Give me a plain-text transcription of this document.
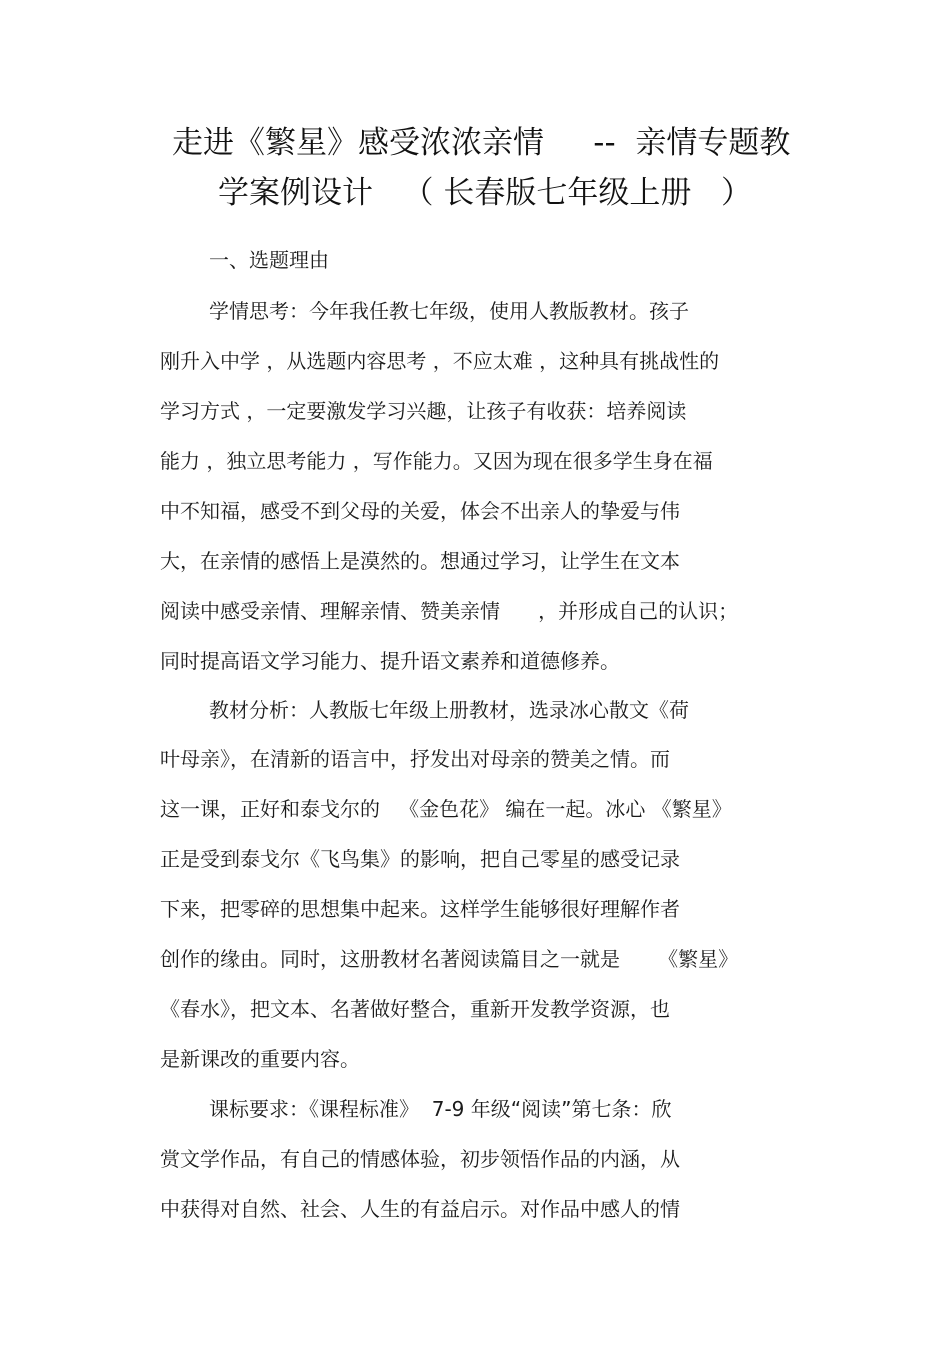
走进《繁星》感受浓浓亲情     --  亲情专题教
学案例设计   （ 长春版七年级上册   ）
一、选题理由
学情思考：今年我任教七年级，使用人教版教材。孩子
刚升入中学 ，从选题内容思考 ，不应太难 ，这种具有挑战性的
学习方式 ，一定要激发学习兴趣，让孩子有收获：培养阅读
能力 ，独立思考能力 ，写作能力。又因为现在很多学生身在福
中不知福，感受不到父母的关爱，体会不出亲人的挚爱与伟
大，在亲情的感悟上是漠然的。想通过学习，让学生在文本
阅读中感受亲情、理解亲情、赞美亲情      ，并形成自己的认识；
同时提高语文学习能力、提升语文素养和道德修养。
教材分析：人教版七年级上册教材，选录冰心散文《荷
叶母亲》，在清新的语言中，抒发出对母亲的赞美之情。而
这一课，正好和泰戈尔的   《金色花》 编在一起。冰心 《繁星》
正是受到泰戈尔《飞鸟集》的影响，把自己零星的感受记录
下来，把零碎的思想集中起来。这样学生能够很好理解作者
创作的缘由。同时，这册教材名著阅读篇目之一就是      《繁星》
《春水》，把文本、名著做好整合，重新开发教学资源，也
是新课改的重要内容。
课标要求：《课程标准》  7-9 年级“阅读”第七条：欣
赏文学作品，有自己的情感体验，初步领悟作品的内涵，从
中获得对自然、社会、人生的有益启示。对作品中感人的情
